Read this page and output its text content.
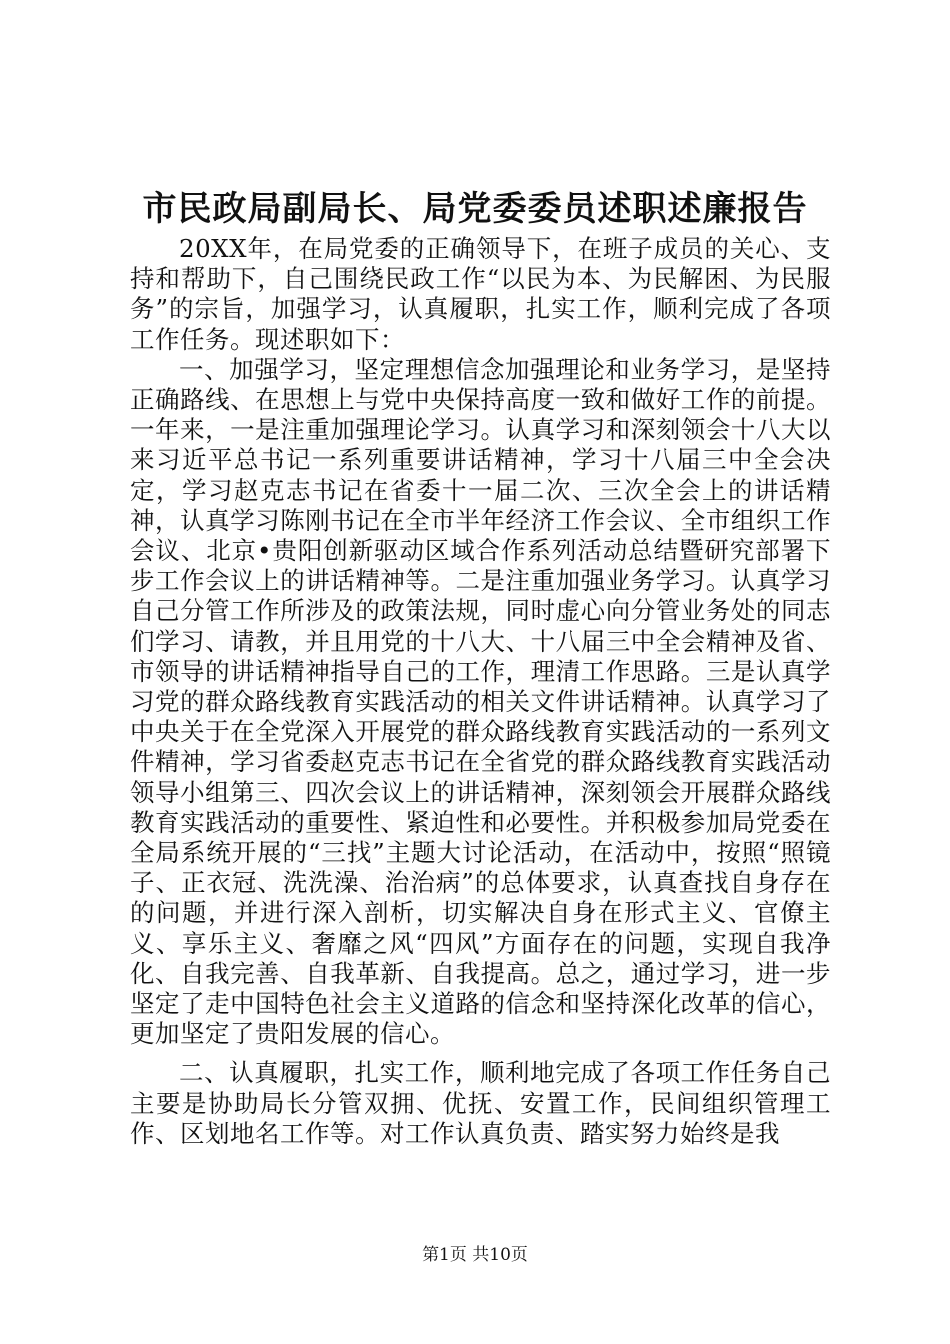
市民政局副局长、局党委委员述职述廉报告

20XX年，在局党委的正确领导下，在班子成员的关心、支持和帮助下，自己围绕民政工作“以民为本、为民解困、为民服务”的宗旨，加强学习，认真履职，扎实工作，顺利完成了各项工作任务。现述职如下：

一、加强学习，坚定理想信念加强理论和业务学习，是坚持正确路线、在思想上与党中央保持高度一致和做好工作的前提。一年来，一是注重加强理论学习。认真学习和深刻领会十八大以来习近平总书记一系列重要讲话精神，学习十八届三中全会决定，学习赵克志书记在省委十一届二次、三次全会上的讲话精神，认真学习陈刚书记在全市半年经济工作会议、全市组织工作会议、北京•贵阳创新驱动区域合作系列活动总结暨研究部署下步工作会议上的讲话精神等。二是注重加强业务学习。认真学习自己分管工作所涉及的政策法规，同时虚心向分管业务处的同志们学习、请教，并且用党的十八大、十八届三中全会精神及省、市领导的讲话精神指导自己的工作，理清工作思路。三是认真学习党的群众路线教育实践活动的相关文件讲话精神。认真学习了中央关于在全党深入开展党的群众路线教育实践活动的一系列文件精神，学习省委赵克志书记在全省党的群众路线教育实践活动领导小组第三、四次会议上的讲话精神，深刻领会开展群众路线教育实践活动的重要性、紧迫性和必要性。并积极参加局党委在全局系统开展的“三找”主题大讨论活动，在活动中，按照“照镜子、正衣冠、洗洗澡、治治病”的总体要求，认真查找自身存在的问题，并进行深入剖析，切实解决自身在形式主义、官僚主义、享乐主义、奢靡之风“四风”方面存在的问题，实现自我净化、自我完善、自我革新、自我提高。总之，通过学习，进一步坚定了走中国特色社会主义道路的信念和坚持深化改革的信心，更加坚定了贵阳发展的信心。

二、认真履职，扎实工作，顺利地完成了各项工作任务自己主要是协助局长分管双拥、优抚、安置工作，民间组织管理工作、区划地名工作等。对工作认真负责、踏实努力始终是我

第1页 共10页
